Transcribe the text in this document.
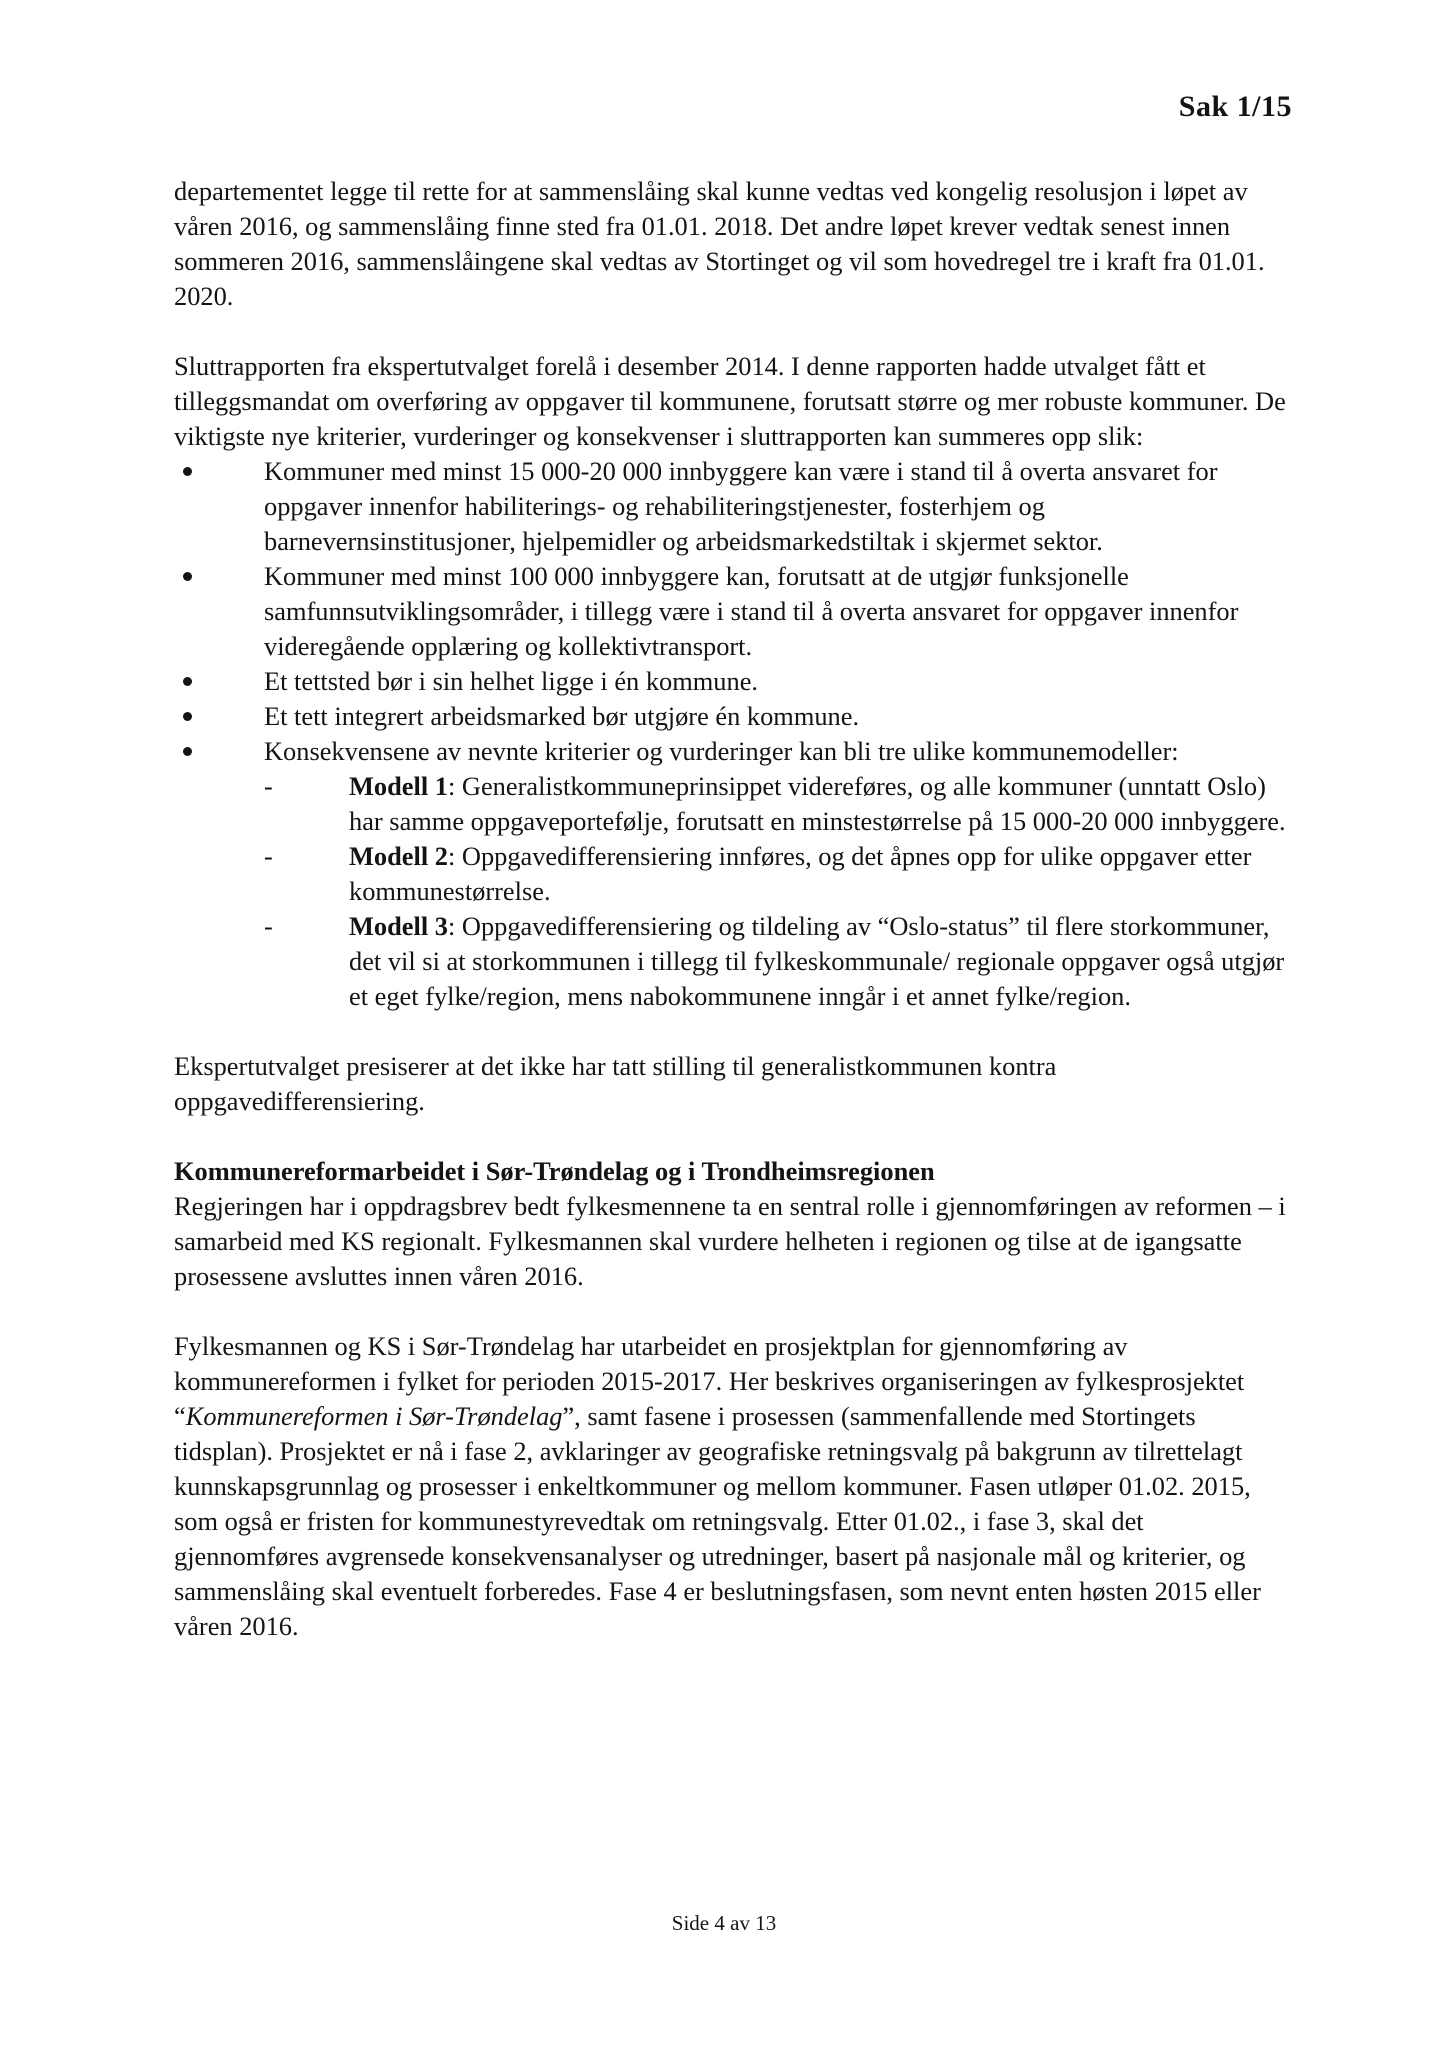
Sak 1/15

departementet legge til rette for at sammenslåing skal kunne vedtas ved kongelig resolusjon i løpet av våren 2016, og sammenslåing finne sted fra 01.01. 2018. Det andre løpet krever vedtak senest innen sommeren 2016, sammenslåingene skal vedtas av Stortinget og vil som hovedregel tre i kraft fra 01.01. 2020.

Sluttrapporten fra ekspertutvalget forelå i desember 2014. I denne rapporten hadde utvalget fått et tilleggsmandat om overføring av oppgaver til kommunene, forutsatt større og mer robuste kommuner. De viktigste nye kriterier, vurderinger og konsekvenser i sluttrapporten kan summeres opp slik:

Kommuner med minst 15 000-20 000 innbyggere kan være i stand til å overta ansvaret for oppgaver innenfor habiliterings- og rehabiliteringstjenester, fosterhjem og barnevernsinstitusjoner, hjelpemidler og arbeidsmarkedstiltak i skjermet sektor.
Kommuner med minst 100 000 innbyggere kan, forutsatt at de utgjør funksjonelle samfunnsutviklingsområder, i tillegg være i stand til å overta ansvaret for oppgaver innenfor videregående opplæring og kollektivtransport.
Et tettsted bør i sin helhet ligge i én kommune.
Et tett integrert arbeidsmarked bør utgjøre én kommune.
Konsekvensene av nevnte kriterier og vurderinger kan bli tre ulike kommunemodeller:
- Modell 1: Generalistkommuneprinsippet videreføres, og alle kommuner (unntatt Oslo) har samme oppgaveportefølje, forutsatt en minstestørrelse på 15 000-20 000 innbyggere.
- Modell 2: Oppgavedifferensiering innføres, og det åpnes opp for ulike oppgaver etter kommunestørrelse.
- Modell 3: Oppgavedifferensiering og tildeling av “Oslo-status” til flere storkommuner, det vil si at storkommunen i tillegg til fylkeskommunale/ regionale oppgaver også utgjør et eget fylke/region, mens nabokommunene inngår i et annet fylke/region.

Ekspertutvalget presiserer at det ikke har tatt stilling til generalistkommunen kontra oppgavedifferensiering.

Kommunereformarbeidet i Sør-Trøndelag og i Trondheimsregionen

Regjeringen har i oppdragsbrev bedt fylkesmennene ta en sentral rolle i gjennomføringen av reformen – i samarbeid med KS regionalt. Fylkesmannen skal vurdere helheten i regionen og tilse at de igangsatte prosessene avsluttes innen våren 2016.

Fylkesmannen og KS i Sør-Trøndelag har utarbeidet en prosjektplan for gjennomføring av kommunereformen i fylket for perioden 2015-2017. Her beskrives organiseringen av fylkesprosjektet “Kommunereformen i Sør-Trøndelag”, samt fasene i prosessen (sammenfallende med Stortingets tidsplan). Prosjektet er nå i fase 2, avklaringer av geografiske retningsvalg på bakgrunn av tilrettelagt kunnskapsgrunnlag og prosesser i enkeltkommuner og mellom kommuner. Fasen utløper 01.02. 2015, som også er fristen for kommunestyrevedtak om retningsvalg. Etter 01.02., i fase 3, skal det gjennomføres avgrensede konsekvensanalyser og utredninger, basert på nasjonale mål og kriterier, og sammenslåing skal eventuelt forberedes. Fase 4 er beslutningsfasen, som nevnt enten høsten 2015 eller våren 2016.

Side 4 av 13
